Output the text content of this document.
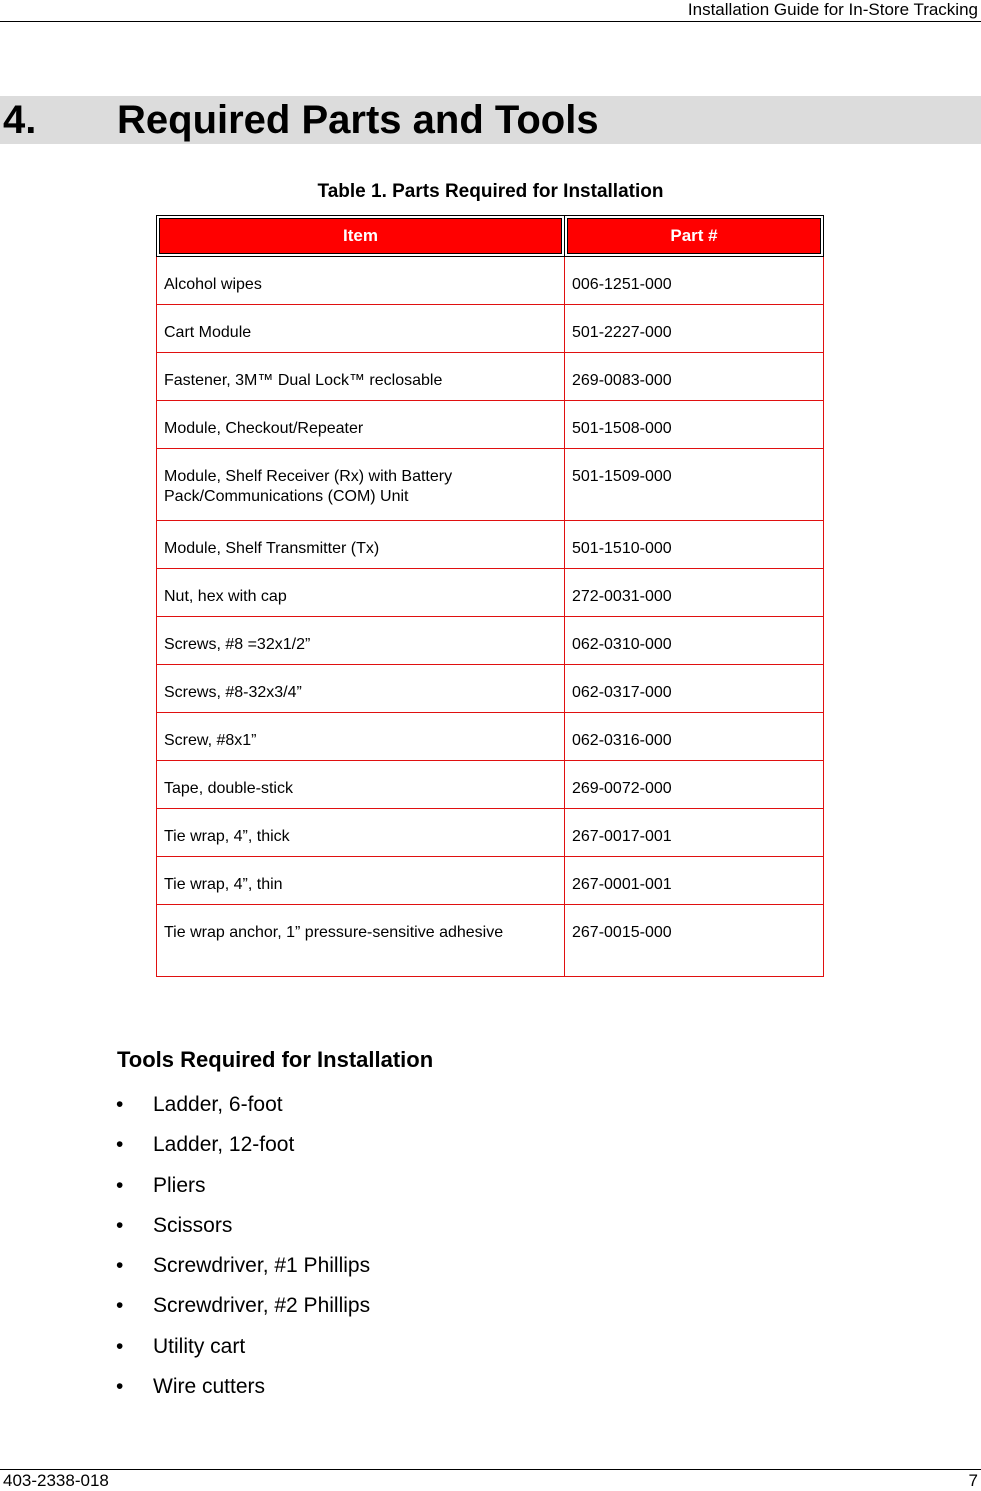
Installation Guide for In-Store Tracking
4. Required Parts and Tools
Table 1. Parts Required for Installation
Item	Part #
Alcohol wipes	006-1251-000
Cart Module	501-2227-000
Fastener, 3M™ Dual Lock™ reclosable	269-0083-000
Module, Checkout/Repeater	501-1508-000
Module, Shelf Receiver (Rx) with Battery Pack/Communications (COM) Unit	501-1509-000
Module, Shelf Transmitter (Tx)	501-1510-000
Nut, hex with cap	272-0031-000
Screws, #8 =32x1/2”	062-0310-000
Screws, #8-32x3/4”	062-0317-000
Screw, #8x1”	062-0316-000
Tape, double-stick	269-0072-000
Tie wrap, 4”, thick	267-0017-001
Tie wrap, 4”, thin	267-0001-001
Tie wrap anchor, 1” pressure-sensitive adhesive	267-0015-000
Tools Required for Installation
• Ladder, 6-foot
• Ladder, 12-foot
• Pliers
• Scissors
• Screwdriver, #1 Phillips
• Screwdriver, #2 Phillips
• Utility cart
• Wire cutters
403-2338-018	7
